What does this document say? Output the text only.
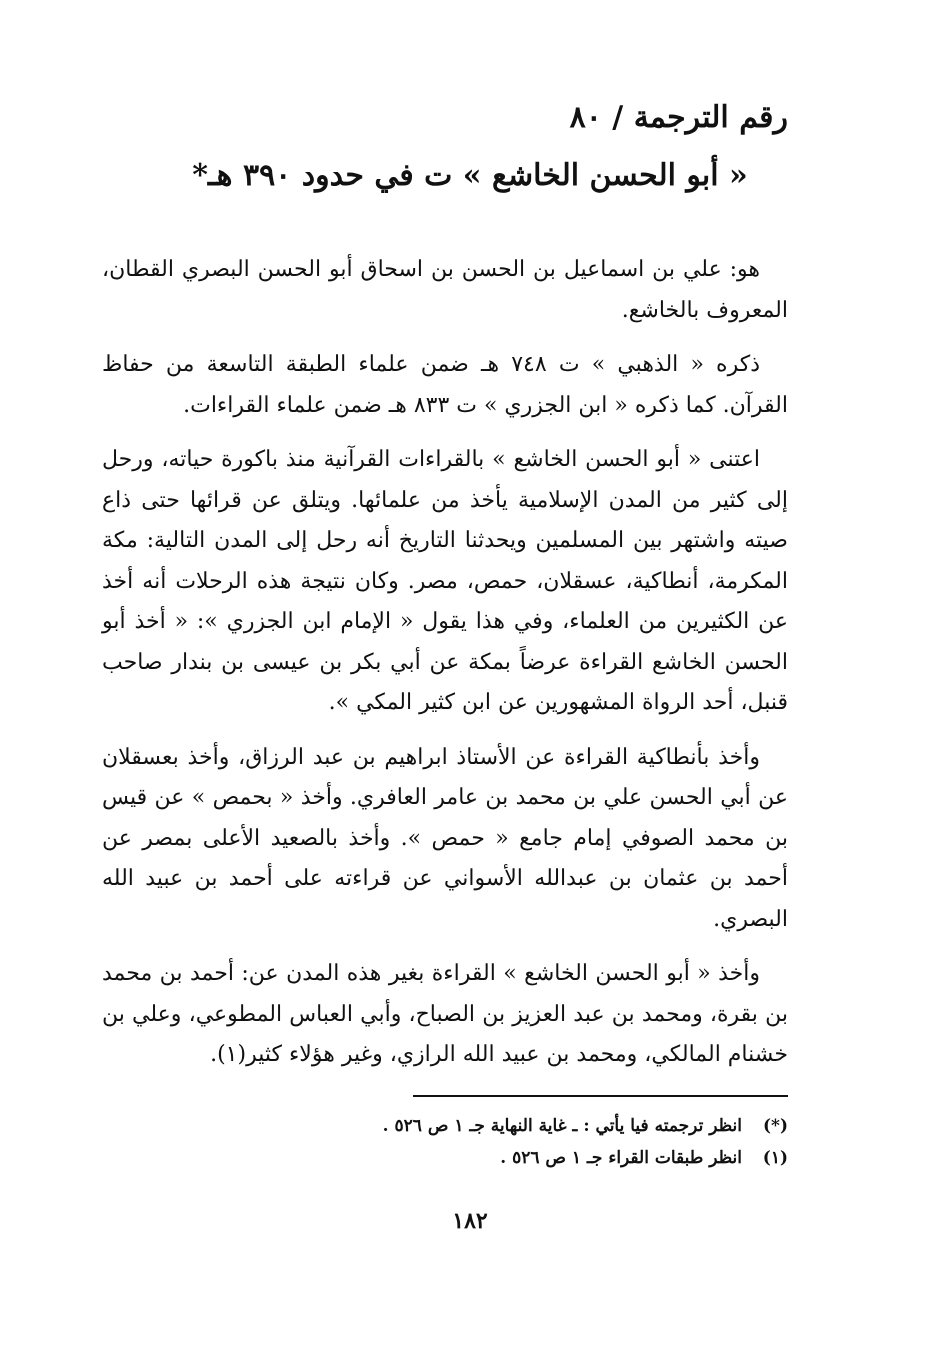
رقم الترجمة / ٨٠
« أبو الحسن الخاشع » ت في حدود ٣٩٠ هـ*

هو: علي بن اسماعيل بن الحسن بن اسحاق أبو الحسن البصري القطان، المعروف بالخاشع.

ذكره « الذهبي » ت ٧٤٨ هـ ضمن علماء الطبقة التاسعة من حفاظ القرآن. كما ذكره « ابن الجزري » ت ٨٣٣ هـ ضمن علماء القراءات.

اعتنى « أبو الحسن الخاشع » بالقراءات القرآنية منذ باكورة حياته، ورحل إلى كثير من المدن الإسلامية يأخذ من علمائها. ويتلق عن قرائها حتى ذاع صيته واشتهر بين المسلمين ويحدثنا التاريخ أنه رحل إلى المدن التالية: مكة المكرمة، أنطاكية، عسقلان، حمص، مصر. وكان نتيجة هذه الرحلات أنه أخذ عن الكثيرين من العلماء، وفي هذا يقول « الإمام ابن الجزري »: « أخذ أبو الحسن الخاشع القراءة عرضاً بمكة عن أبي بكر بن عيسى بن بندار صاحب قنبل، أحد الرواة المشهورين عن ابن كثير المكي ».

وأخذ بأنطاكية القراءة عن الأستاذ ابراهيم بن عبد الرزاق، وأخذ بعسقلان عن أبي الحسن علي بن محمد بن عامر العافري. وأخذ « بحمص » عن قيس بن محمد الصوفي إمام جامع « حمص ». وأخذ بالصعيد الأعلى بمصر عن أحمد بن عثمان بن عبدالله الأسواني عن قراءته على أحمد بن عبيد الله البصري.

وأخذ « أبو الحسن الخاشع » القراءة بغير هذه المدن عن: أحمد بن محمد بن بقرة، ومحمد بن عبد العزيز بن الصباح، وأبي العباس المطوعي، وعلي بن خشنام المالكي، ومحمد بن عبيد الله الرازي، وغير هؤلاء كثير(١).

(*)
انظر ترجمته فيا يأتي : ـ غاية النهاية جـ ١ ص ٥٢٦ .
(١)
انظر طبقات القراء جـ ١ ص ٥٢٦ .
١٨٢
